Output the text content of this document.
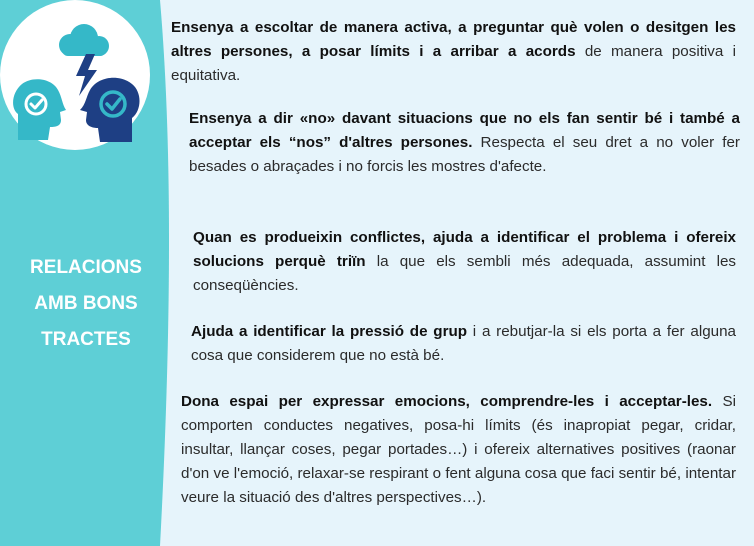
RELACIONS
AMB BONS
TRACTES

Ensenya a escoltar de manera activa, a preguntar què volen o desitgen les altres persones, a posar límits i a arribar a acords de manera positiva i equitativa.

Ensenya a dir «no» davant situacions que no els fan sentir bé i també a acceptar els “nos” d'altres persones. Respecta el seu dret a no voler fer besades o abraçades i no forcis les mostres d'afecte.

Quan es produeixin conflictes, ajuda a identificar el problema i ofereix solucions perquè triïn la que els sembli més adequada, assumint les conseqüències.

Ajuda a identificar la pressió de grup i a rebutjar-la si els porta a fer alguna cosa que considerem que no està bé.

Dona espai per expressar emocions, comprendre-les i acceptar-les. Si comporten conductes negatives, posa-hi límits (és inapropiat pegar, cridar, insultar, llançar coses, pegar portades…) i ofereix alternatives positives (raonar d'on ve l'emoció, relaxar-se respirant o fent alguna cosa que faci sentir bé, intentar veure la situació des d'altres perspectives…).
